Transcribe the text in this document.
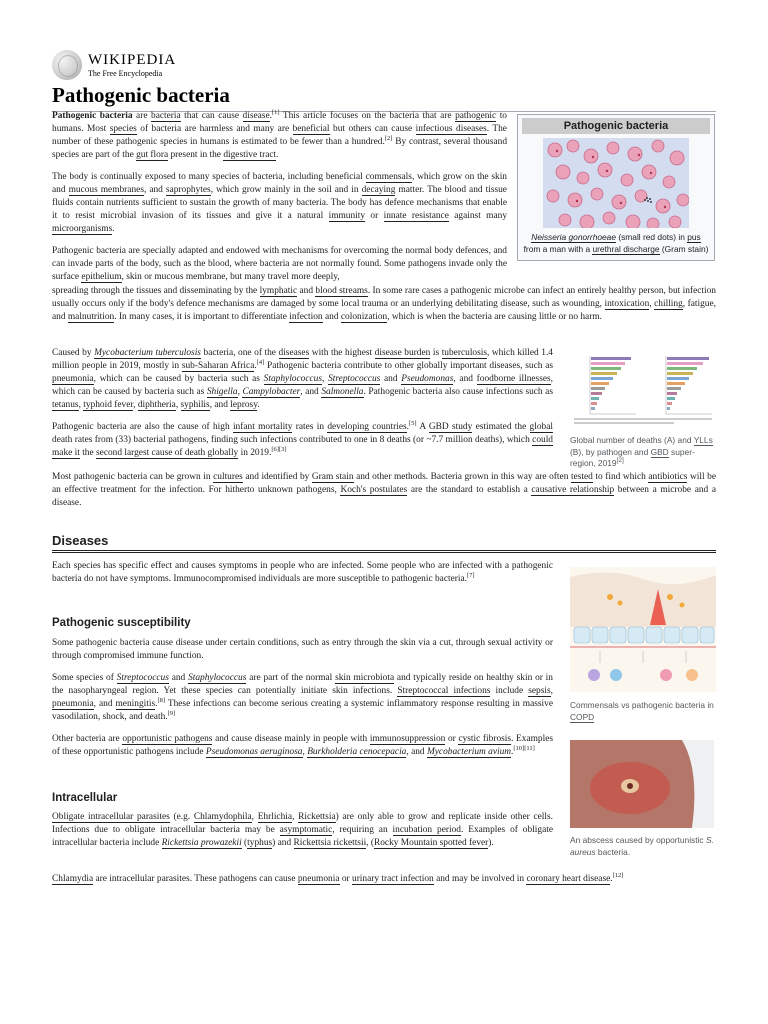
WIKIPEDIA
The Free Encyclopedia
Pathogenic bacteria
Pathogenic bacteria
Neisseria gonorrhoeae (small red dots) in pus from a man with a urethral discharge (Gram stain)

Pathogenic bacteria are bacteria that can cause disease.[1] This article focuses on the bacteria that are pathogenic to humans. Most species of bacteria are harmless and many are beneficial but others can cause infectious diseases. The number of these pathogenic species in humans is estimated to be fewer than a hundred.[2] By contrast, several thousand species are part of the gut flora present in the digestive tract.

The body is continually exposed to many species of bacteria, including beneficial commensals, which grow on the skin and mucous membranes, and saprophytes, which grow mainly in the soil and in decaying matter. The blood and tissue fluids contain nutrients sufficient to sustain the growth of many bacteria. The body has defence mechanisms that enable it to resist microbial invasion of its tissues and give it a natural immunity or innate resistance against many microorganisms.

Pathogenic bacteria are specially adapted and endowed with mechanisms for overcoming the normal body defences, and can invade parts of the body, such as the blood, where bacteria are not normally found. Some pathogens invade only the surface epithelium, skin or mucous membrane, but many travel more deeply,

spreading through the tissues and disseminating by the lymphatic and blood streams. In some rare cases a pathogenic microbe can infect an entirely healthy person, but infection usually occurs only if the body's defence mechanisms are damaged by some local trauma or an underlying debilitating disease, such as wounding, intoxication, chilling, fatigue, and malnutrition. In many cases, it is important to differentiate infection and colonization, which is when the bacteria are causing little or no harm.

Global number of deaths (A) and YLLs (B), by pathogen and GBD super-region, 2019[2]

Caused by Mycobacterium tuberculosis bacteria, one of the diseases with the highest disease burden is tuberculosis, which killed 1.4 million people in 2019, mostly in sub-Saharan Africa.[4] Pathogenic bacteria contribute to other globally important diseases, such as pneumonia, which can be caused by bacteria such as Staphylococcus, Streptococcus and Pseudomonas, and foodborne illnesses, which can be caused by bacteria such as Shigella, Campylobacter, and Salmonella. Pathogenic bacteria also cause infections such as tetanus, typhoid fever, diphtheria, syphilis, and leprosy.

Pathogenic bacteria are also the cause of high infant mortality rates in developing countries.[5] A GBD study estimated the global death rates from (33) bacterial pathogens, finding such infections contributed to one in 8 deaths (or ~7.7 million deaths), which could make it the second largest cause of death globally in 2019.[6][3]

Most pathogenic bacteria can be grown in cultures and identified by Gram stain and other methods. Bacteria grown in this way are often tested to find which antibiotics will be an effective treatment for the infection. For hitherto unknown pathogens, Koch's postulates are the standard to establish a causative relationship between a microbe and a disease.

Diseases
Commensals vs pathogenic bacteria in COPD

Each species has specific effect and causes symptoms in people who are infected. Some people who are infected with a pathogenic bacteria do not have symptoms. Immunocompromised individuals are more susceptible to pathogenic bacteria.[7]

Pathogenic susceptibility

Some pathogenic bacteria cause disease under certain conditions, such as entry through the skin via a cut, through sexual activity or through compromised immune function.

Some species of Streptococcus and Staphylococcus are part of the normal skin microbiota and typically reside on healthy skin or in the nasopharyngeal region. Yet these species can potentially initiate skin infections. Streptococcal infections include sepsis, pneumonia, and meningitis.[8] These infections can become serious creating a systemic inflammatory response resulting in massive vasodilation, shock, and death.[9]

Other bacteria are opportunistic pathogens and cause disease mainly in people with immunosuppression or cystic fibrosis. Examples of these opportunistic pathogens include Pseudomonas aeruginosa, Burkholderia cenocepacia, and Mycobacterium avium.[10][11]

An abscess caused by opportunistic S. aureus bacteria.
Intracellular

Obligate intracellular parasites (e.g. Chlamydophila, Ehrlichia, Rickettsia) are only able to grow and replicate inside other cells. Infections due to obligate intracellular bacteria may be asymptomatic, requiring an incubation period. Examples of obligate intracellular bacteria include Rickettsia prowazekii (typhus) and Rickettsia rickettsii, (Rocky Mountain spotted fever).

Chlamydia are intracellular parasites. These pathogens can cause pneumonia or urinary tract infection and may be involved in coronary heart disease.[12]
